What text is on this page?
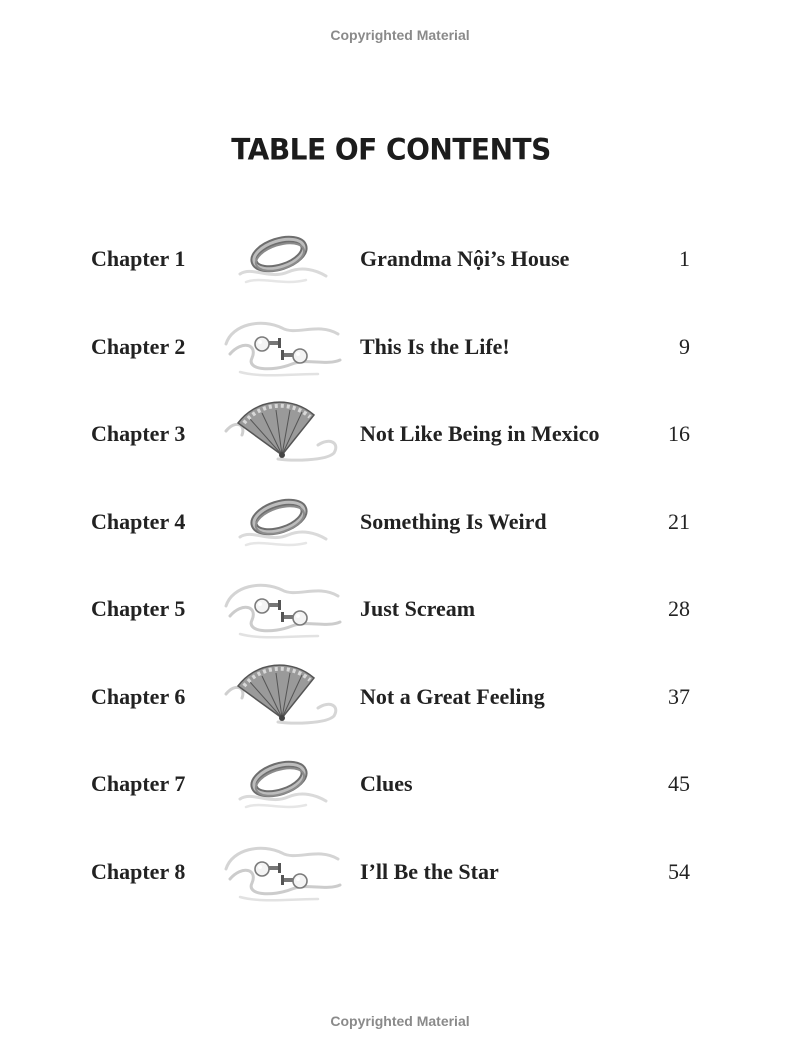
Copyrighted Material
TABLE OF CONTENTS
Chapter 1	Grandma Nội’s House	1
Chapter 2	This Is the Life!	9
Chapter 3	Not Like Being in Mexico	16
Chapter 4	Something Is Weird	21
Chapter 5	Just Scream	28
Chapter 6	Not a Great Feeling	37
Chapter 7	Clues	45
Chapter 8	I’ll Be the Star	54
Copyrighted Material
